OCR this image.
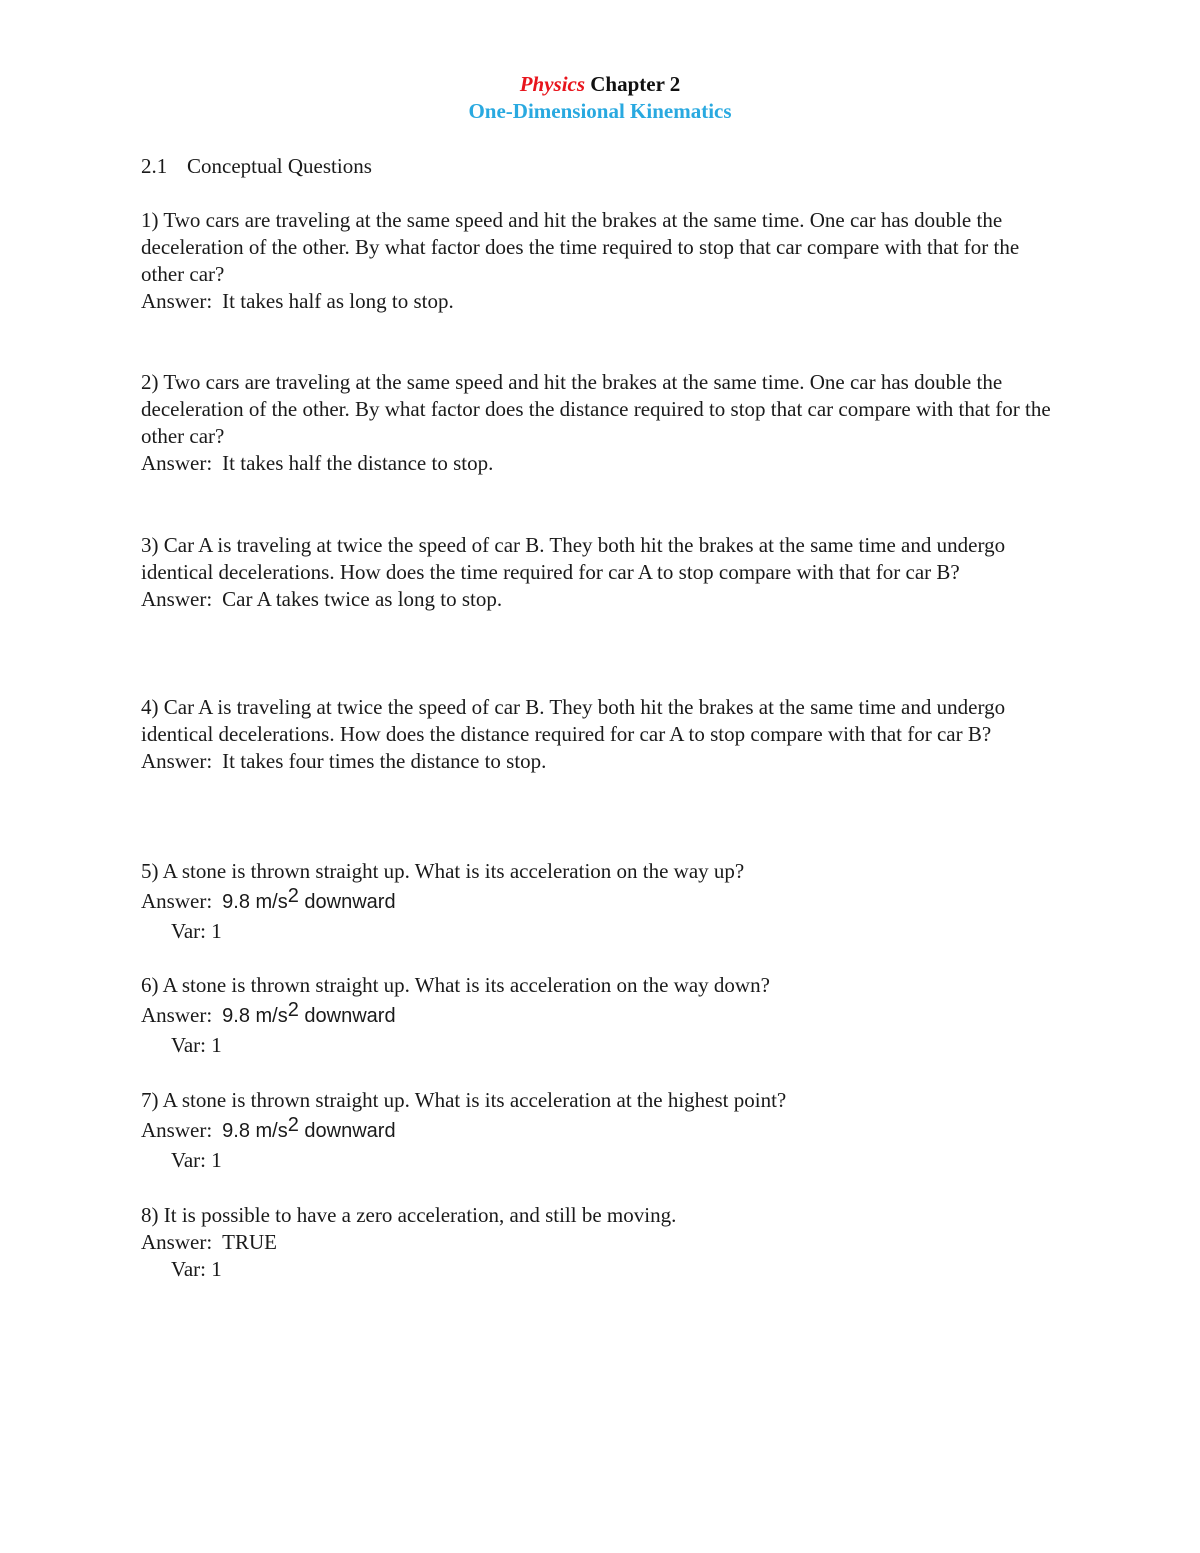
Physics Chapter 2
One-Dimensional Kinematics
2.1 Conceptual Questions

1) Two cars are traveling at the same speed and hit the brakes at the same time. One car has double the deceleration of the other. By what factor does the time required to stop that car compare with that for the other car?

Answer: It takes half as long to stop.

2) Two cars are traveling at the same speed and hit the brakes at the same time. One car has double the deceleration of the other. By what factor does the distance required to stop that car compare with that for the other car?

Answer: It takes half the distance to stop.

3) Car A is traveling at twice the speed of car B. They both hit the brakes at the same time and undergo identical decelerations. How does the time required for car A to stop compare with that for car B?

Answer: Car A takes twice as long to stop.

4) Car A is traveling at twice the speed of car B. They both hit the brakes at the same time and undergo identical decelerations. How does the distance required for car A to stop compare with that for car B?

Answer: It takes four times the distance to stop.

5) A stone is thrown straight up. What is its acceleration on the way up?

Answer: 9.8 m/s2 downward

Var: 1

6) A stone is thrown straight up. What is its acceleration on the way down?

Answer: 9.8 m/s2 downward

Var: 1

7) A stone is thrown straight up. What is its acceleration at the highest point?

Answer: 9.8 m/s2 downward

Var: 1

8) It is possible to have a zero acceleration, and still be moving.

Answer: TRUE

Var: 1
